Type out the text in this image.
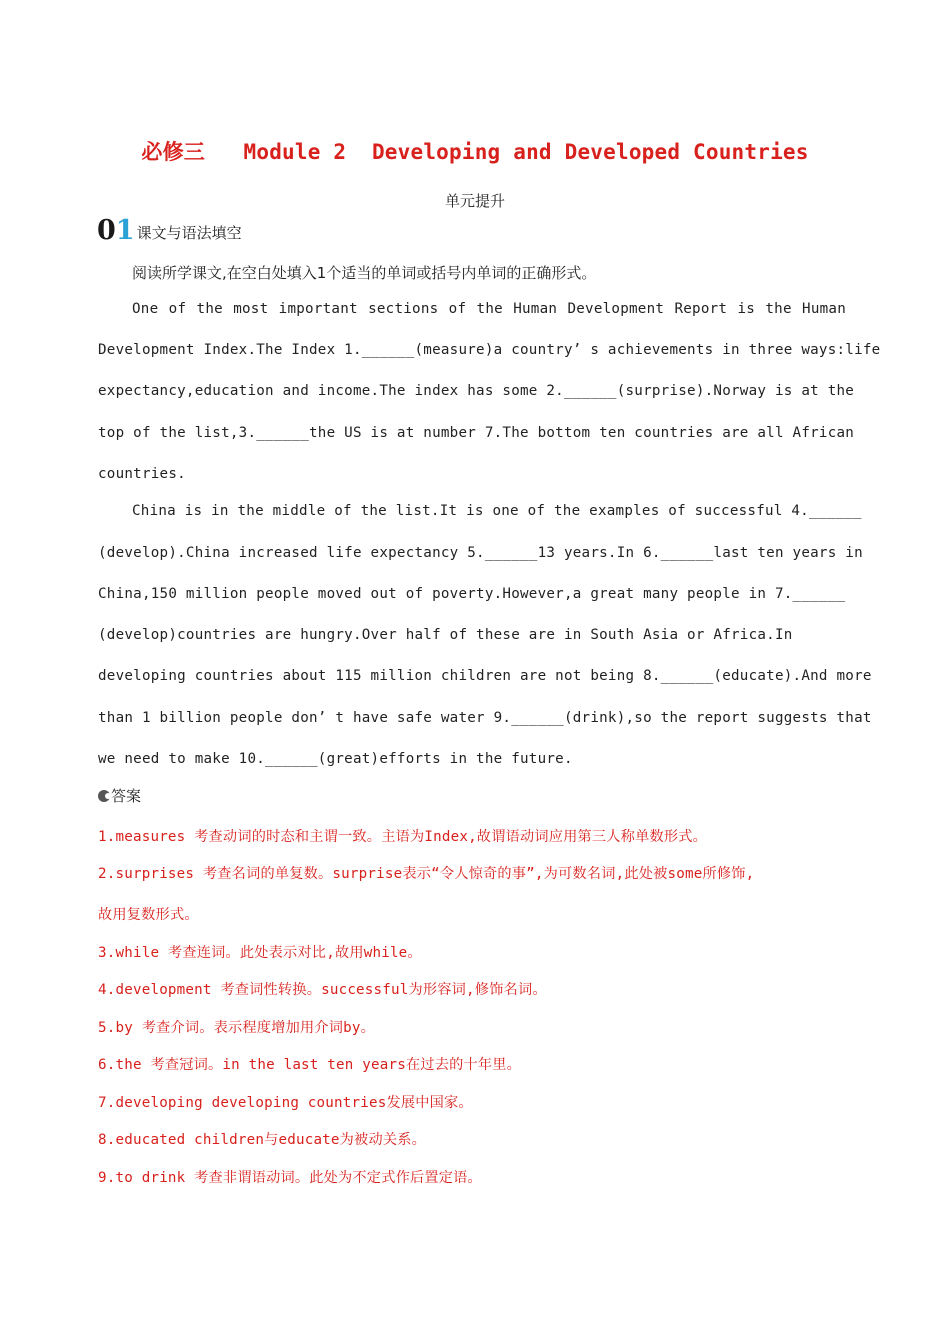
必修三 Module 2 Developing and Developed Countries
单元提升
01 课文与语法填空
阅读所学课文,在空白处填入1个适当的单词或括号内单词的正确形式。
One of the most important sections of the Human Development Report is the Human
Development Index.The Index 1.______(measure)a country’ s achievements in three ways:life
expectancy,education and income.The index has some 2.______(surprise).Norway is at the
top of the list,3.______the US is at number 7.The bottom ten countries are all African
countries.
China is in the middle of the list.It is one of the examples of successful 4.______
(develop).China increased life expectancy 5.______13 years.In 6.______last ten years in
China,150 million people moved out of poverty.However,a great many people in 7.______
(develop)countries are hungry.Over half of these are in South Asia or Africa.In
developing countries about 115 million children are not being 8.______(educate).And more
than 1 billion people don’ t have safe water 9.______(drink),so the report suggests that
we need to make 10.______(great)efforts in the future.
答案
1.measures 考查动词的时态和主谓一致。主语为Index,故谓语动词应用第三人称单数形式。
2.surprises 考查名词的单复数。surprise表示“令人惊奇的事”,为可数名词,此处被some所修饰,
故用复数形式。
3.while 考查连词。此处表示对比,故用while。
4.development 考查词性转换。successful为形容词,修饰名词。
5.by 考查介词。表示程度增加用介词by。
6.the 考查冠词。in the last ten years在过去的十年里。
7.developing developing countries发展中国家。
8.educated children与educate为被动关系。
9.to drink 考查非谓语动词。此处为不定式作后置定语。
